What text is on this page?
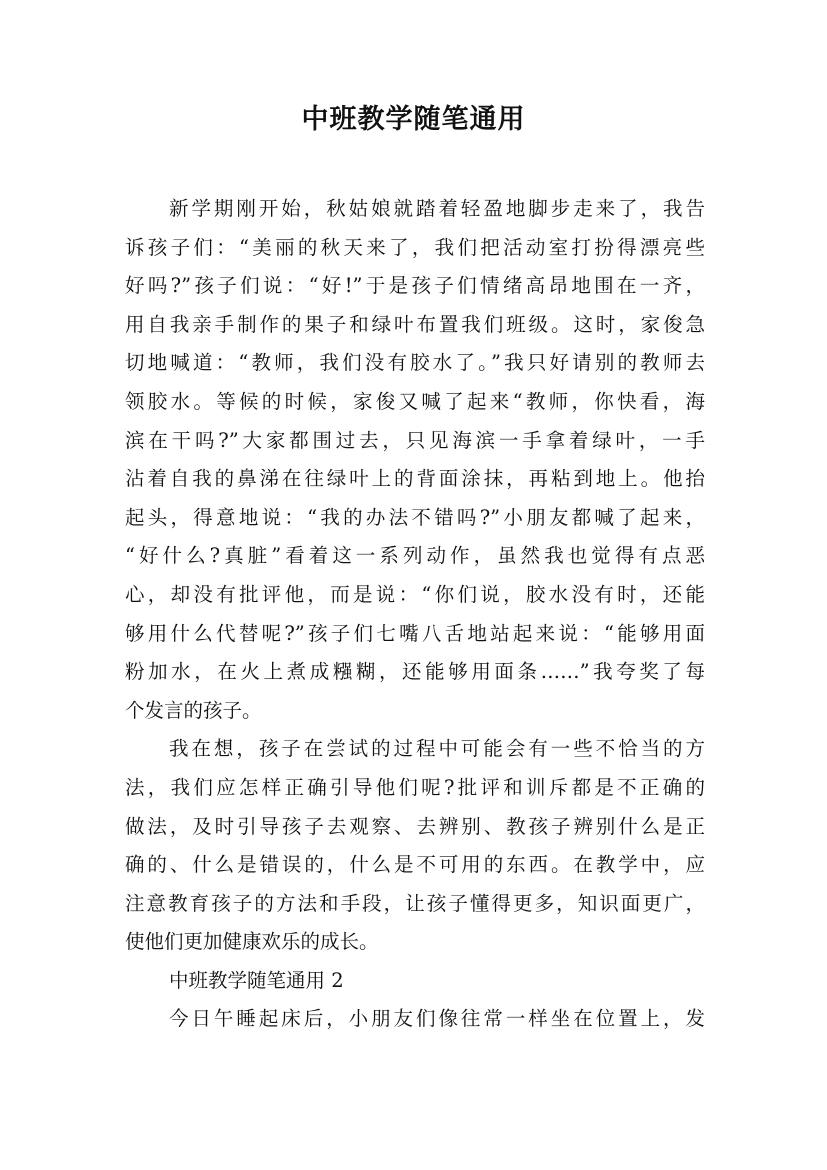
中班教学随笔通用
新学期刚开始，秋姑娘就踏着轻盈地脚步走来了，我告
诉孩子们：“美丽的秋天来了，我们把活动室打扮得漂亮些
好吗?”孩子们说：“好!”于是孩子们情绪高昂地围在一齐，
用自我亲手制作的果子和绿叶布置我们班级。这时，家俊急
切地喊道：“教师，我们没有胶水了。”我只好请别的教师去
领胶水。等候的时候，家俊又喊了起来“教师，你快看，海
滨在干吗?”大家都围过去，只见海滨一手拿着绿叶，一手
沾着自我的鼻涕在往绿叶上的背面涂抹，再粘到地上。他抬
起头，得意地说：“我的办法不错吗?”小朋友都喊了起来，
“好什么?真脏”看着这一系列动作，虽然我也觉得有点恶
心，却没有批评他，而是说：“你们说，胶水没有时，还能
够用什么代替呢?”孩子们七嘴八舌地站起来说：“能够用面
粉加水，在火上煮成糨糊，还能够用面条……”我夸奖了每
个发言的孩子。
我在想，孩子在尝试的过程中可能会有一些不恰当的方
法，我们应怎样正确引导他们呢?批评和训斥都是不正确的
做法，及时引导孩子去观察、去辨别、教孩子辨别什么是正
确的、什么是错误的，什么是不可用的东西。在教学中，应
注意教育孩子的方法和手段，让孩子懂得更多，知识面更广，
使他们更加健康欢乐的成长。
中班教学随笔通用 2
今日午睡起床后，小朋友们像往常一样坐在位置上，发
